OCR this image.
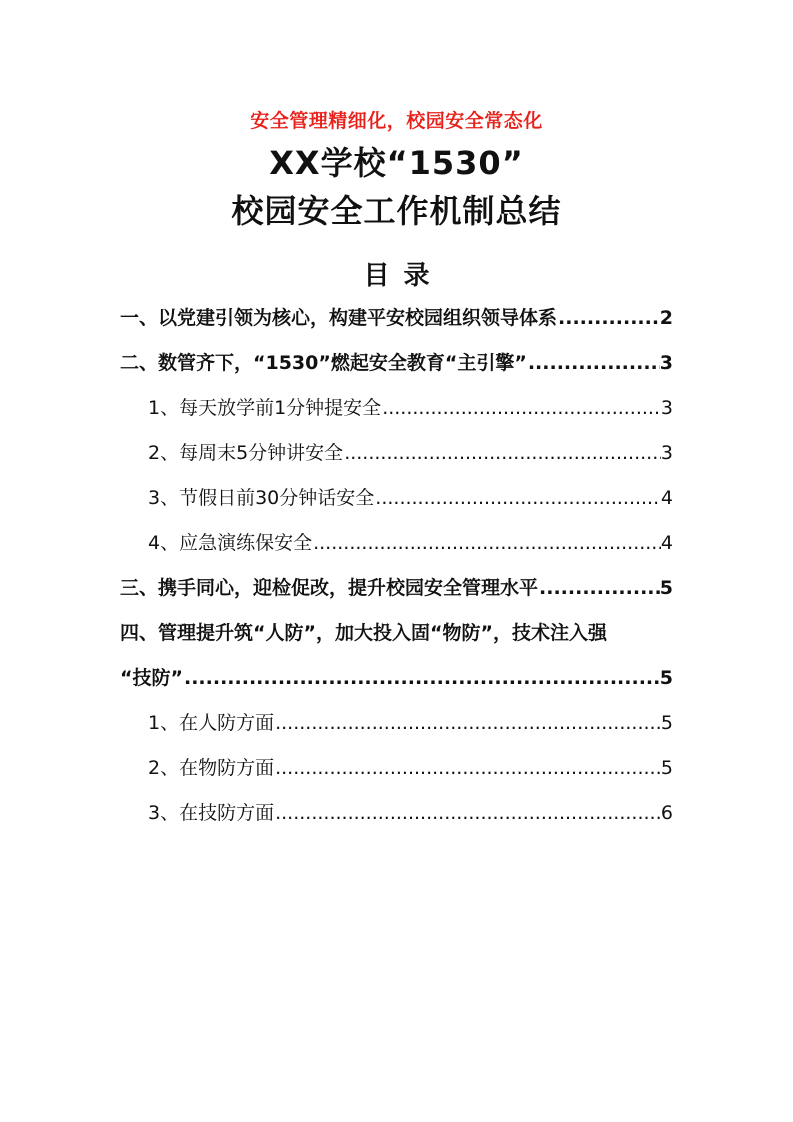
安全管理精细化，校园安全常态化
XX学校“1530”
校园安全工作机制总结
目录
一、以党建引领为核心，构建平安校园组织领导体系 .....	2
二、数管齐下，“1530”燃起安全教育“主引擎” .....	3
1、每天放学前1分钟提安全 .....	3
2、每周末5分钟讲安全 .....	3
3、节假日前30分钟话安全 .....	4
4、应急演练保安全 .....	4
三、携手同心，迎检促改，提升校园安全管理水平 .....	5
四、管理提升筑“人防”，加大投入固“物防”，技术注入强
“技防” .....	5
1、在人防方面 .....	5
2、在物防方面 .....	5
3、在技防方面 .....	6
